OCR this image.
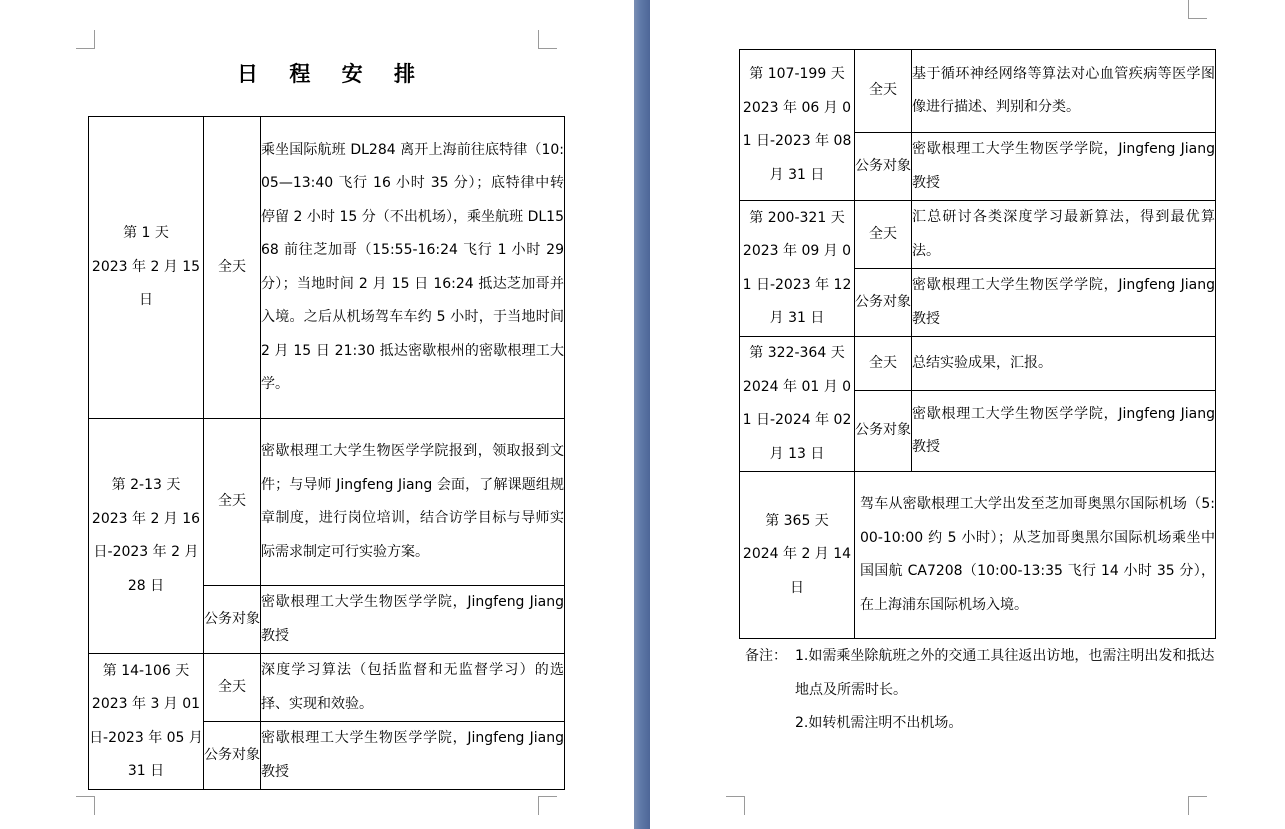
日 程 安 排
第 1 天
2023 年 2 月 15 日	全天	乘坐国际航班 DL284 离开上海前往底特律（10:05—13:40 飞行 16 小时 35 分）；底特律中转停留 2 小时 15 分（不出机场），乘坐航班 DL1568 前往芝加哥（15:55-16:24 飞行 1 小时 29 分）；当地时间 2 月 15 日 16:24 抵达芝加哥并入境。之后从机场驾车车约 5 小时，于当地时间 2 月 15 日 21:30 抵达密歇根州的密歇根理工大学。

第 2-13 天
2023 年 2 月 16 日-2023 年 2 月 28 日	全天	密歇根理工大学生物医学学院报到，领取报到文件；与导师 Jingfeng Jiang 会面，了解课题组规章制度，进行岗位培训，结合访学目标与导师实际需求制定可行实验方案。
	公务对象	密歇根理工大学生物医学学院，Jingfeng Jiang 教授

第 14-106 天
2023 年 3 月 01 日-2023 年 05 月 31 日	全天	深度学习算法（包括监督和无监督学习）的选择、实现和效验。
	公务对象	密歇根理工大学生物医学学院，Jingfeng Jiang 教授
第 107-199 天
2023 年 06 月 01 日-2023 年 08 月 31 日	全天	基于循环神经网络等算法对心血管疾病等医学图像进行描述、判别和分类。
	公务对象	密歇根理工大学生物医学学院，Jingfeng Jiang 教授

第 200-321 天
2023 年 09 月 01 日-2023 年 12 月 31 日	全天	汇总研讨各类深度学习最新算法，得到最优算法。
	公务对象	密歇根理工大学生物医学学院，Jingfeng Jiang 教授

第 322-364 天
2024 年 01 月 01 日-2024 年 02 月 13 日	全天	总结实验成果，汇报。
	公务对象	密歇根理工大学生物医学学院，Jingfeng Jiang 教授

第 365 天
2024 年 2 月 14 日	驾车从密歇根理工大学出发至芝加哥奥黑尔国际机场（5:00-10:00 约 5 小时）；从芝加哥奥黑尔国际机场乘坐中国国航 CA7208（10:00-13:35 飞行 14 小时 35 分），在上海浦东国际机场入境。	
备注： 1.如需乘坐除航班之外的交通工具往返出访地，也需注明出发和抵达地点及所需时长。
2.如转机需注明不出机场。
